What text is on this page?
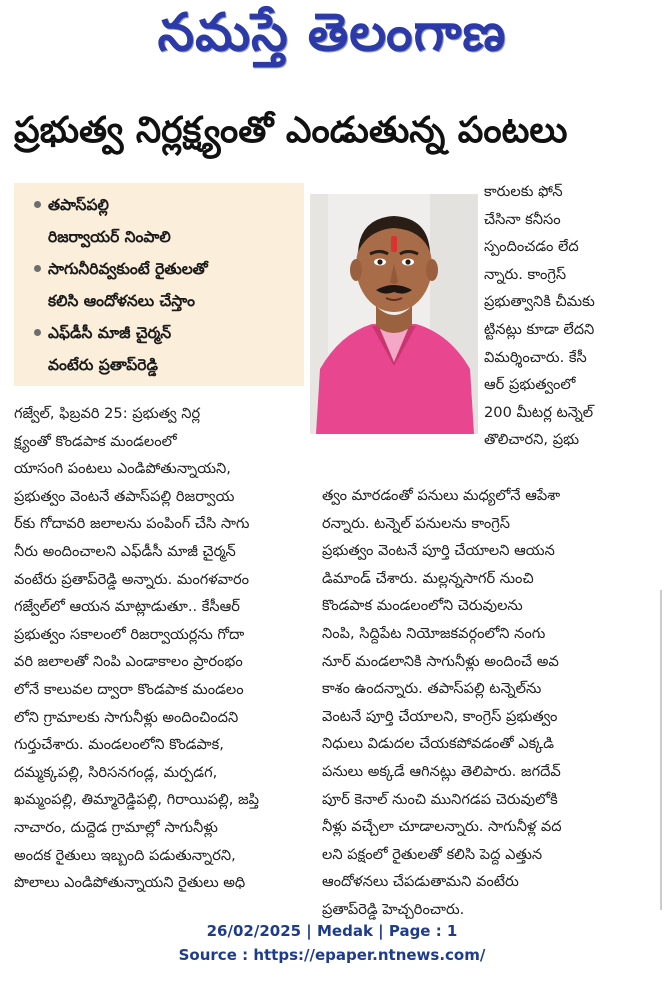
నమస్తే తెలంగాణ
ప్రభుత్వ నిర్లక్ష్యంతో ఎండుతున్న పంటలు
తపాస్‌పల్లి
రిజర్వాయర్ నింపాలి
సాగునీరివ్వకుంటే రైతులతో
కలిసి ఆందోళనలు చేస్తాం
ఎఫ్‌డీసీ మాజీ చైర్మన్
వంటేరు ప్రతాప్‌రెడ్డి
కారులకు ఫోన్
చేసినా కనీసం
స్పందించడం లేద
న్నారు. కాంగ్రెస్
ప్రభుత్వానికి చీమకు
ట్టినట్లు కూడా లేదని
విమర్శించారు. కేసీ
ఆర్ ప్రభుత్వంలో
200 మీటర్ల టన్నెల్
తొలిచారని, ప్రభు
గజ్వేల్, ఫిబ్రవరి 25: ప్రభుత్వ నిర్ల
క్ష్యంతో కొండపాక మండలంలో
యాసంగి పంటలు ఎండిపోతున్నాయని,
ప్రభుత్వం వెంటనే తపాస్‌పల్లి రిజర్వాయ
ర్‌కు గోదావరి జలాలను పంపింగ్ చేసి సాగు
నీరు అందించాలని ఎఫ్‌డీసీ మాజీ చైర్మన్
వంటేరు ప్రతాప్‌రెడ్డి అన్నారు. మంగళవారం
గజ్వేల్‌లో ఆయన మాట్లాడుతూ.. కేసీఆర్
ప్రభుత్వం సకాలంలో రిజర్వాయర్లను గోదా
వరి జలాలతో నింపి ఎండాకాలం ప్రారంభం
లోనే కాలువల ద్వారా కొండపాక మండలం
లోని గ్రామాలకు సాగునీళ్లు అందించిందని
గుర్తుచేశారు. మండలంలోని కొండపాక,
దమ్మక్కపల్లి, సిరిసనగండ్ల, మర్పడగ,
ఖమ్మంపల్లి, తిమ్మారెడ్డిపల్లి, గిరాయిపల్లి, జప్తి
నాచారం, దుద్దెడ గ్రామాల్లో సాగునీళ్లు
అందక రైతులు ఇబ్బంది పడుతున్నారని,
పొలాలు ఎండిపోతున్నాయని రైతులు అధి
త్వం మారడంతో పనులు మధ్యలోనే ఆపేశా
రన్నారు. టన్నెల్ పనులను కాంగ్రెస్
ప్రభుత్వం వెంటనే పూర్తి చేయాలని ఆయన
డిమాండ్ చేశారు. మల్లన్నసాగర్ నుంచి
కొండపాక మండలంలోని చెరువులను
నింపి, సిద్దిపేట నియోజకవర్గంలోని నంగు
నూర్ మండలానికి సాగునీళ్లు అందించే అవ
కాశం ఉందన్నారు. తపాస్‌పల్లి టన్నెల్‌ను
వెంటనే పూర్తి చేయాలని, కాంగ్రెస్ ప్రభుత్వం
నిధులు విడుదల చేయకపోవడంతో ఎక్కడి
పనులు అక్కడే ఆగినట్లు తెలిపారు. జగదేవ్
పూర్ కెనాల్ నుంచి మునిగడప చెరువులోకి
నీళ్లు వచ్చేలా చూడాలన్నారు. సాగునీళ్ల వద
లని పక్షంలో రైతులతో కలిసి పెద్ద ఎత్తున
ఆందోళనలు చేపడుతామని వంటేరు
ప్రతాప్‌రెడ్డి హెచ్చరించారు.
26/02/2025 | Medak | Page : 1
Source : https://epaper.ntnews.com/
